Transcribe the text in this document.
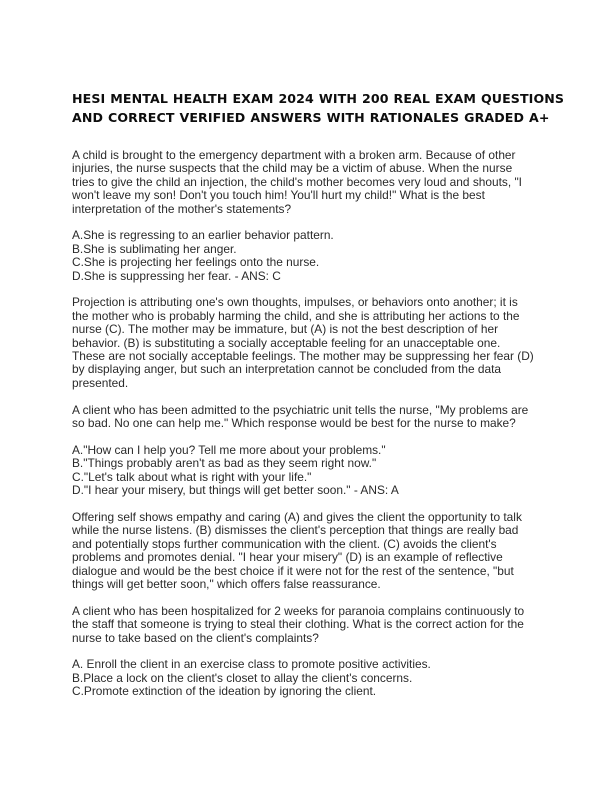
HESI MENTAL HEALTH EXAM 2024 WITH 200 REAL EXAM QUESTIONS
AND CORRECT VERIFIED ANSWERS WITH RATIONALES GRADED A+
A child is brought to the emergency department with a broken arm. Because of other
injuries, the nurse suspects that the child may be a victim of abuse. When the nurse
tries to give the child an injection, the child's mother becomes very loud and shouts, "I
won't leave my son! Don't you touch him! You'll hurt my child!" What is the best
interpretation of the mother's statements?
A.She is regressing to an earlier behavior pattern.
B.She is sublimating her anger.
C.She is projecting her feelings onto the nurse.
D.She is suppressing her fear. - ANS: C
Projection is attributing one's own thoughts, impulses, or behaviors onto another; it is
the mother who is probably harming the child, and she is attributing her actions to the
nurse (C). The mother may be immature, but (A) is not the best description of her
behavior. (B) is substituting a socially acceptable feeling for an unacceptable one.
These are not socially acceptable feelings. The mother may be suppressing her fear (D)
by displaying anger, but such an interpretation cannot be concluded from the data
presented.
A client who has been admitted to the psychiatric unit tells the nurse, "My problems are
so bad. No one can help me." Which response would be best for the nurse to make?
A."How can I help you? Tell me more about your problems."
B."Things probably aren't as bad as they seem right now."
C."Let's talk about what is right with your life."
D."I hear your misery, but things will get better soon." - ANS: A
Offering self shows empathy and caring (A) and gives the client the opportunity to talk
while the nurse listens. (B) dismisses the client's perception that things are really bad
and potentially stops further communication with the client. (C) avoids the client's
problems and promotes denial. "I hear your misery" (D) is an example of reflective
dialogue and would be the best choice if it were not for the rest of the sentence, "but
things will get better soon," which offers false reassurance.
A client who has been hospitalized for 2 weeks for paranoia complains continuously to
the staff that someone is trying to steal their clothing. What is the correct action for the
nurse to take based on the client's complaints?
A. Enroll the client in an exercise class to promote positive activities.
B.Place a lock on the client's closet to allay the client's concerns.
C.Promote extinction of the ideation by ignoring the client.
